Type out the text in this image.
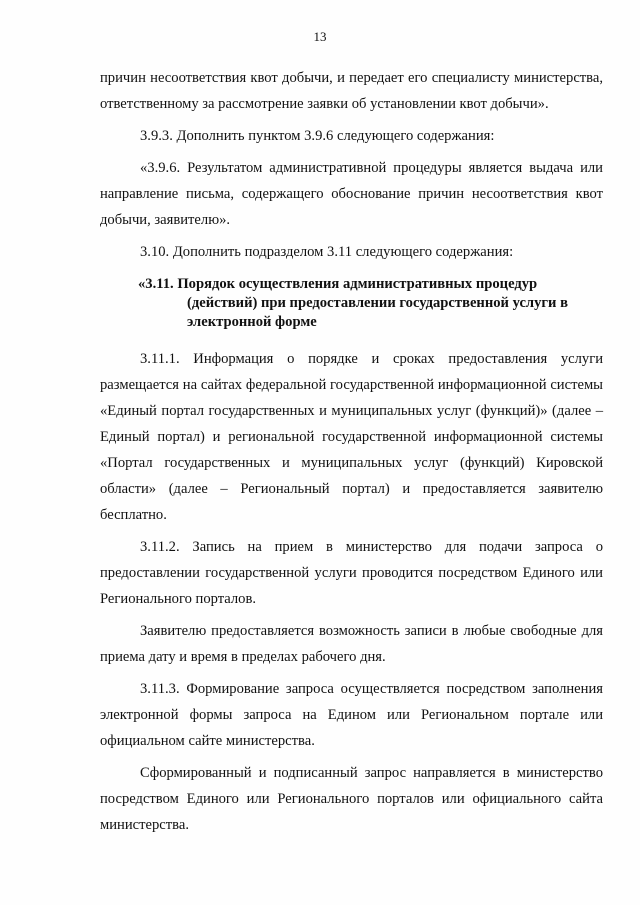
13

причин несоответствия квот добычи, и передает его специалисту министерства, ответственному за рассмотрение заявки об установлении квот добычи».

3.9.3. Дополнить пунктом 3.9.6 следующего содержания:

«3.9.6. Результатом административной процедуры является выдача или направление письма, содержащего обоснование причин несоответствия квот добычи, заявителю».

3.10. Дополнить подразделом 3.11 следующего содержания:

«3.11. Порядок осуществления административных процедур
(действий) при предоставлении государственной услуги в электронной форме

3.11.1. Информация о порядке и сроках предоставления услуги размещается на сайтах федеральной государственной информационной системы «Единый портал государственных и муниципальных услуг (функций)» (далее – Единый портал) и региональной государственной информационной системы «Портал государственных и муниципальных услуг (функций) Кировской области» (далее – Региональный портал) и предоставляется заявителю бесплатно.

3.11.2. Запись на прием в министерство для подачи запроса о предоставлении государственной услуги проводится посредством Единого или Регионального порталов.

Заявителю предоставляется возможность записи в любые свободные для приема дату и время в пределах рабочего дня.

3.11.3. Формирование запроса осуществляется посредством заполнения электронной формы запроса на Едином или Региональном портале или официальном сайте министерства.

Сформированный и подписанный запрос направляется в министерство посредством Единого или Регионального порталов или официального сайта министерства.
